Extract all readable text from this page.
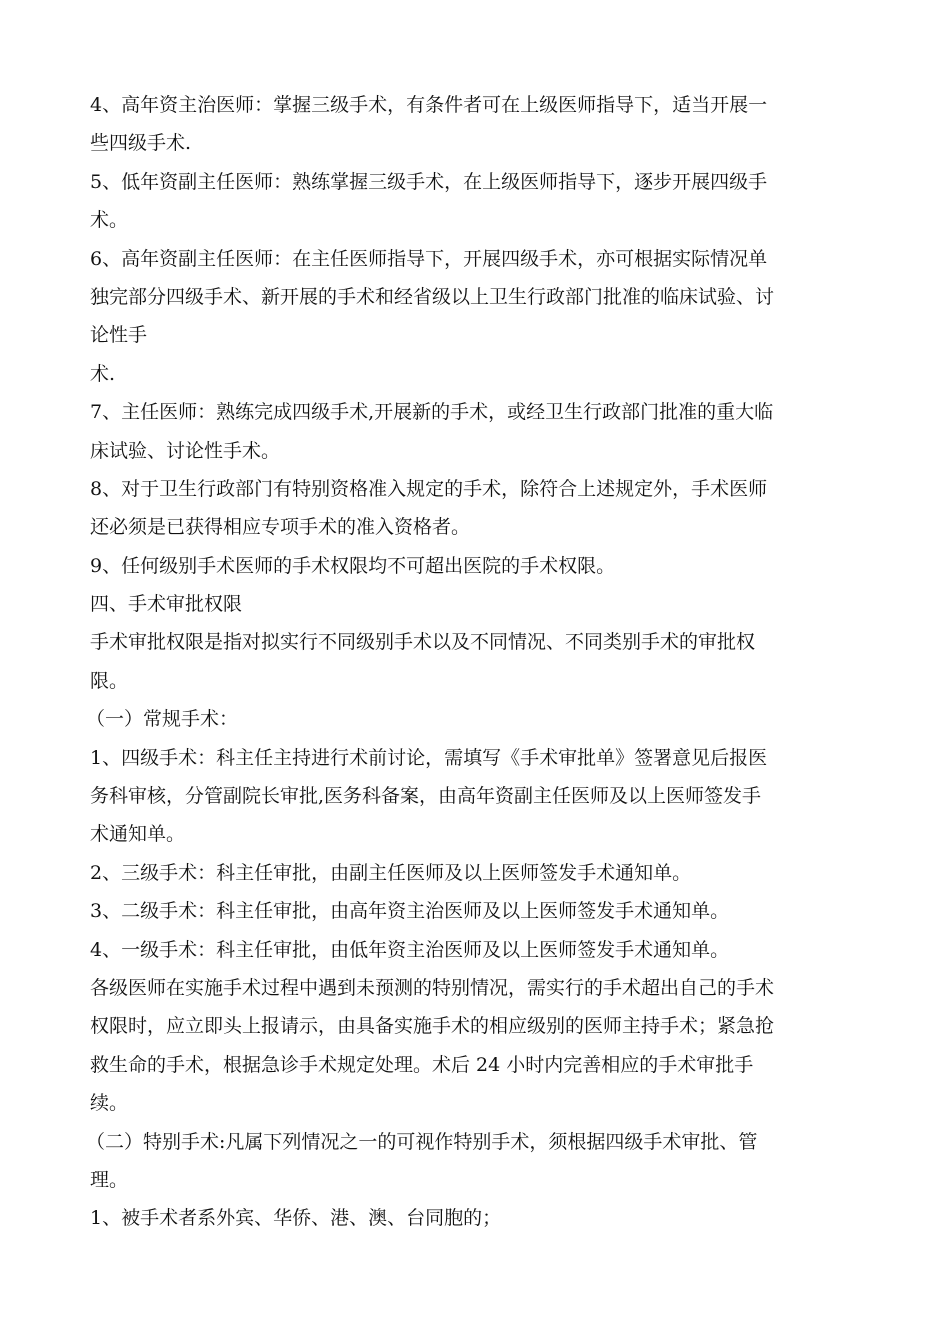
4、高年资主治医师：掌握三级手术，有条件者可在上级医师指导下，适当开展一
些四级手术.
5、低年资副主任医师：熟练掌握三级手术，在上级医师指导下，逐步开展四级手
术。
6、高年资副主任医师：在主任医师指导下，开展四级手术，亦可根据实际情况单
独完部分四级手术、新开展的手术和经省级以上卫生行政部门批准的临床试验、讨
论性手
术.
7、主任医师：熟练完成四级手术,开展新的手术，或经卫生行政部门批准的重大临
床试验、讨论性手术。
8、对于卫生行政部门有特别资格准入规定的手术，除符合上述规定外，手术医师
还必须是已获得相应专项手术的准入资格者。
9、任何级别手术医师的手术权限均不可超出医院的手术权限。
四、手术审批权限
手术审批权限是指对拟实行不同级别手术以及不同情况、不同类别手术的审批权
限。
（一）常规手术：
1、四级手术：科主任主持进行术前讨论，需填写《手术审批单》签署意见后报医
务科审核，分管副院长审批,医务科备案，由高年资副主任医师及以上医师签发手
术通知单。
2、三级手术：科主任审批，由副主任医师及以上医师签发手术通知单。
3、二级手术：科主任审批，由高年资主治医师及以上医师签发手术通知单。
4、一级手术：科主任审批，由低年资主治医师及以上医师签发手术通知单。
各级医师在实施手术过程中遇到未预测的特别情况，需实行的手术超出自己的手术
权限时，应立即头上报请示，由具备实施手术的相应级别的医师主持手术；紧急抢
救生命的手术，根据急诊手术规定处理。术后 24 小时内完善相应的手术审批手
续。
（二）特别手术:凡属下列情况之一的可视作特别手术，须根据四级手术审批、管
理。
1、被手术者系外宾、华侨、港、澳、台同胞的；
